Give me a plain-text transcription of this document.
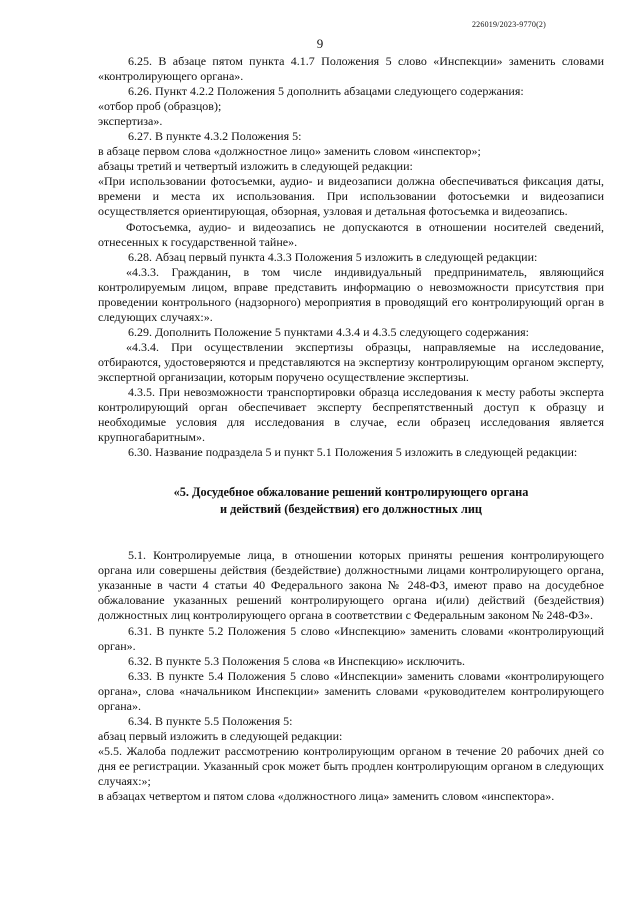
226019/2023-9770(2)
9

6.25. В абзаце пятом пункта 4.1.7 Положения 5 слово «Инспекции» заменить словами «контролирующего органа».

6.26. Пункт 4.2.2 Положения 5 дополнить абзацами следующего содержания:

«отбор проб (образцов);

экспертиза».

6.27. В пункте 4.3.2 Положения 5:

в абзаце первом слова «должностное лицо» заменить словом «инспектор»;

абзацы третий и четвертый изложить в следующей редакции:

«При использовании фотосъемки, аудио- и видеозаписи должна обеспечиваться фиксация даты, времени и места их использования. При использовании фотосъемки и видеозаписи осуществляется ориентирующая, обзорная, узловая и детальная фотосъемка и видеозапись.

Фотосъемка, аудио- и видеозапись не допускаются в отношении носителей сведений, отнесенных к государственной тайне».

6.28. Абзац первый пункта 4.3.3 Положения 5 изложить в следующей редакции:

«4.3.3. Гражданин, в том числе индивидуальный предприниматель, являющийся контролируемым лицом, вправе представить информацию о невозможности присутствия при проведении контрольного (надзорного) мероприятия в проводящий его контролирующий орган в следующих случаях:».

6.29. Дополнить Положение 5 пунктами 4.3.4 и 4.3.5 следующего содержания:

«4.3.4. При осуществлении экспертизы образцы, направляемые на исследование, отбираются, удостоверяются и представляются на экспертизу контролирующим органом эксперту, экспертной организации, которым поручено осуществление экспертизы.

4.3.5. При невозможности транспортировки образца исследования к месту работы эксперта контролирующий орган обеспечивает эксперту беспрепятственный доступ к образцу и необходимые условия для исследования в случае, если образец исследования является крупногабаритным».

6.30. Название подраздела 5 и пункт 5.1 Положения 5 изложить в следующей редакции:

«5. Досудебное обжалование решений контролирующего органа
и действий (бездействия) его должностных лиц

5.1. Контролируемые лица, в отношении которых приняты решения контролирующего органа или совершены действия (бездействие) должностными лицами контролирующего органа, указанные в части 4 статьи 40 Федерального закона № 248-ФЗ, имеют право на досудебное обжалование указанных решений контролирующего органа и(или) действий (бездействия) должностных лиц контролирующего органа в соответствии с Федеральным законом № 248-ФЗ».

6.31. В пункте 5.2 Положения 5 слово «Инспекцию» заменить словами «контролирующий орган».

6.32. В пункте 5.3 Положения 5 слова «в Инспекцию» исключить.

6.33. В пункте 5.4 Положения 5 слово «Инспекции» заменить словами «контролирующего органа», слова «начальником Инспекции» заменить словами «руководителем контролирующего органа».

6.34. В пункте 5.5 Положения 5:

абзац первый изложить в следующей редакции:

«5.5. Жалоба подлежит рассмотрению контролирующим органом в течение 20 рабочих дней со дня ее регистрации. Указанный срок может быть продлен контролирующим органом в следующих случаях:»;

в абзацах четвертом и пятом слова «должностного лица» заменить словом «инспектора».
